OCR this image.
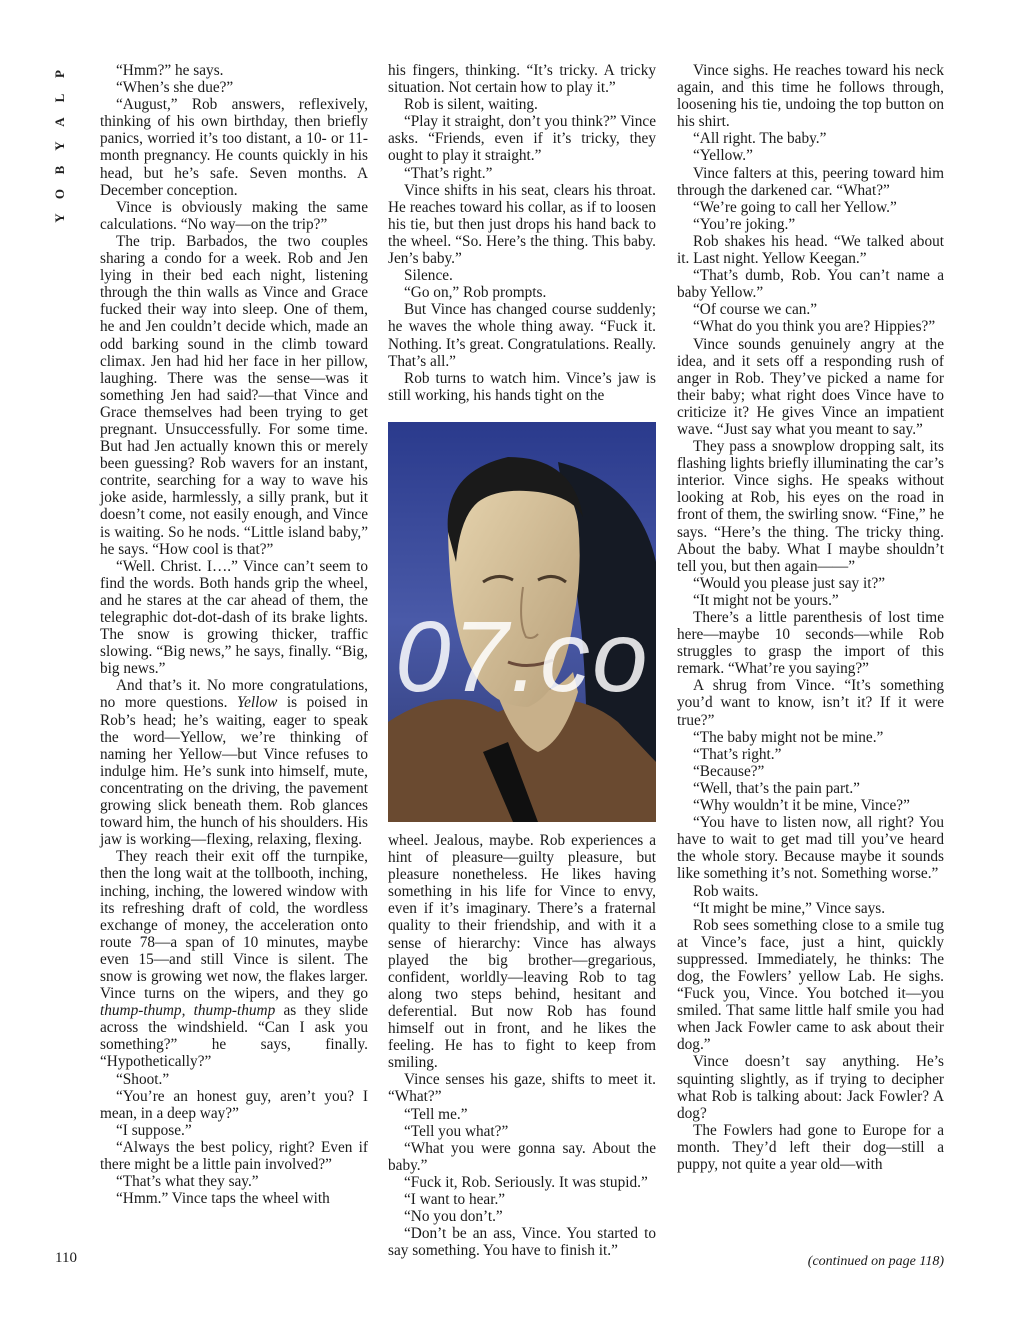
P
L
A
Y
B
O
Y

“Hmm?” he says.

“When’s she due?”

“August,” Rob answers, reflexively, thinking of his own birthday, then briefly panics, worried it’s too distant, a 10- or 11-month pregnancy. He counts quickly in his head, but he’s safe. Seven months. A December conception.

Vince is obviously making the same calculations. “No way—on the trip?”

The trip. Barbados, the two couples sharing a condo for a week. Rob and Jen lying in their bed each night, listening through the thin walls as Vince and Grace fucked their way into sleep. One of them, he and Jen couldn’t decide which, made an odd barking sound in the climb toward climax. Jen had hid her face in her pillow, laughing. There was the sense—was it something Jen had said?—that Vince and Grace themselves had been trying to get pregnant. Unsuccessfully. For some time. But had Jen actually known this or merely been guessing? Rob wavers for an instant, contrite, searching for a way to wave his joke aside, harmlessly, a silly prank, but it doesn’t come, not easily enough, and Vince is waiting. So he nods. “Little island baby,” he says. “How cool is that?”

“Well. Christ. I….” Vince can’t seem to find the words. Both hands grip the wheel, and he stares at the car ahead of them, the telegraphic dot-dot-dash of its brake lights. The snow is growing thicker, traffic slowing. “Big news,” he says, finally. “Big, big news.”

And that’s it. No more congratulations, no more questions. Yellow is poised in Rob’s head; he’s waiting, eager to speak the word—Yellow, we’re thinking of naming her Yellow—but Vince refuses to indulge him. He’s sunk into himself, mute, concentrating on the driving, the pavement growing slick beneath them. Rob glances toward him, the hunch of his shoulders. His jaw is working—flexing, relaxing, flexing.

They reach their exit off the turnpike, then the long wait at the tollbooth, inching, inching, inching, the lowered window with its refreshing draft of cold, the wordless exchange of money, the acceleration onto route 78—a span of 10 minutes, maybe even 15—and still Vince is silent. The snow is growing wet now, the flakes larger. Vince turns on the wipers, and they go thump-thump, thump-thump as they slide across the windshield. “Can I ask you something?” he says, finally. “Hypothetically?”

“Shoot.”

“You’re an honest guy, aren’t you? I mean, in a deep way?”

“I suppose.”

“Always the best policy, right? Even if there might be a little pain involved?”

“That’s what they say.”

“Hmm.” Vince taps the wheel with

his fingers, thinking. “It’s tricky. A tricky situation. Not certain how to play it.”

Rob is silent, waiting.

“Play it straight, don’t you think?” Vince asks. “Friends, even if it’s tricky, they ought to play it straight.”

“That’s right.”

Vince shifts in his seat, clears his throat. He reaches toward his collar, as if to loosen his tie, but then just drops his hand back to the wheel. “So. Here’s the thing. This baby. Jen’s baby.”

Silence.

“Go on,” Rob prompts.

But Vince has changed course suddenly; he waves the whole thing away. “Fuck it. Nothing. It’s great. Congratulations. Really. That’s all.”

Rob turns to watch him. Vince’s jaw is still working, his hands tight on the

wheel. Jealous, maybe. Rob experiences a hint of pleasure—guilty pleasure, but pleasure nonetheless. He likes having something in his life for Vince to envy, even if it’s imaginary. There’s a fraternal quality to their friendship, and with it a sense of hierarchy: Vince has always played the big brother—gregarious, confident, worldly—leaving Rob to tag along two steps behind, hesitant and deferential. But now Rob has found himself out in front, and he likes the feeling. He has to fight to keep from smiling.

Vince senses his gaze, shifts to meet it. “What?”

“Tell me.”

“Tell you what?”

“What you were gonna say. About the baby.”

“Fuck it, Rob. Seriously. It was stupid.”

“I want to hear.”

“No you don’t.”

“Don’t be an ass, Vince. You started to say something. You have to finish it.”

Vince sighs. He reaches toward his neck again, and this time he follows through, loosening his tie, undoing the top button on his shirt.

“All right. The baby.”

“Yellow.”

Vince falters at this, peering toward him through the darkened car. “What?”

“We’re going to call her Yellow.”

“You’re joking.”

Rob shakes his head. “We talked about it. Last night. Yellow Keegan.”

“That’s dumb, Rob. You can’t name a baby Yellow.”

“Of course we can.”

“What do you think you are? Hippies?”

Vince sounds genuinely angry at the idea, and it sets off a responding rush of anger in Rob. They’ve picked a name for their baby; what right does Vince have to criticize it? He gives Vince an impatient wave. “Just say what you meant to say.”

They pass a snowplow dropping salt, its flashing lights briefly illuminating the car’s interior. Vince sighs. He speaks without looking at Rob, his eyes on the road in front of them, the swirling snow. “Fine,” he says. “Here’s the thing. The tricky thing. About the baby. What I maybe shouldn’t tell you, but then again——”

“Would you please just say it?”

“It might not be yours.”

There’s a little parenthesis of lost time here—maybe 10 seconds—while Rob struggles to grasp the import of this remark. “What’re you saying?”

A shrug from Vince. “It’s something you’d want to know, isn’t it? If it were true?”

“The baby might not be mine.”

“That’s right.”

“Because?”

“Well, that’s the pain part.”

“Why wouldn’t it be mine, Vince?”

“You have to listen now, all right? You have to wait to get mad till you’ve heard the whole story. Because maybe it sounds like something it’s not. Something worse.”

Rob waits.

“It might be mine,” Vince says.

Rob sees something close to a smile tug at Vince’s face, just a hint, quickly suppressed. Immediately, he thinks: The dog, the Fowlers’ yellow Lab. He sighs. “Fuck you, Vince. You botched it—you smiled. That same little half smile you had when Jack Fowler came to ask about their dog.”

Vince doesn’t say anything. He’s squinting slightly, as if trying to decipher what Rob is talking about: Jack Fowler? A dog?

The Fowlers had gone to Europe for a month. They’d left their dog—still a puppy, not quite a year old—with

07.co
110	(continued on page 118)
